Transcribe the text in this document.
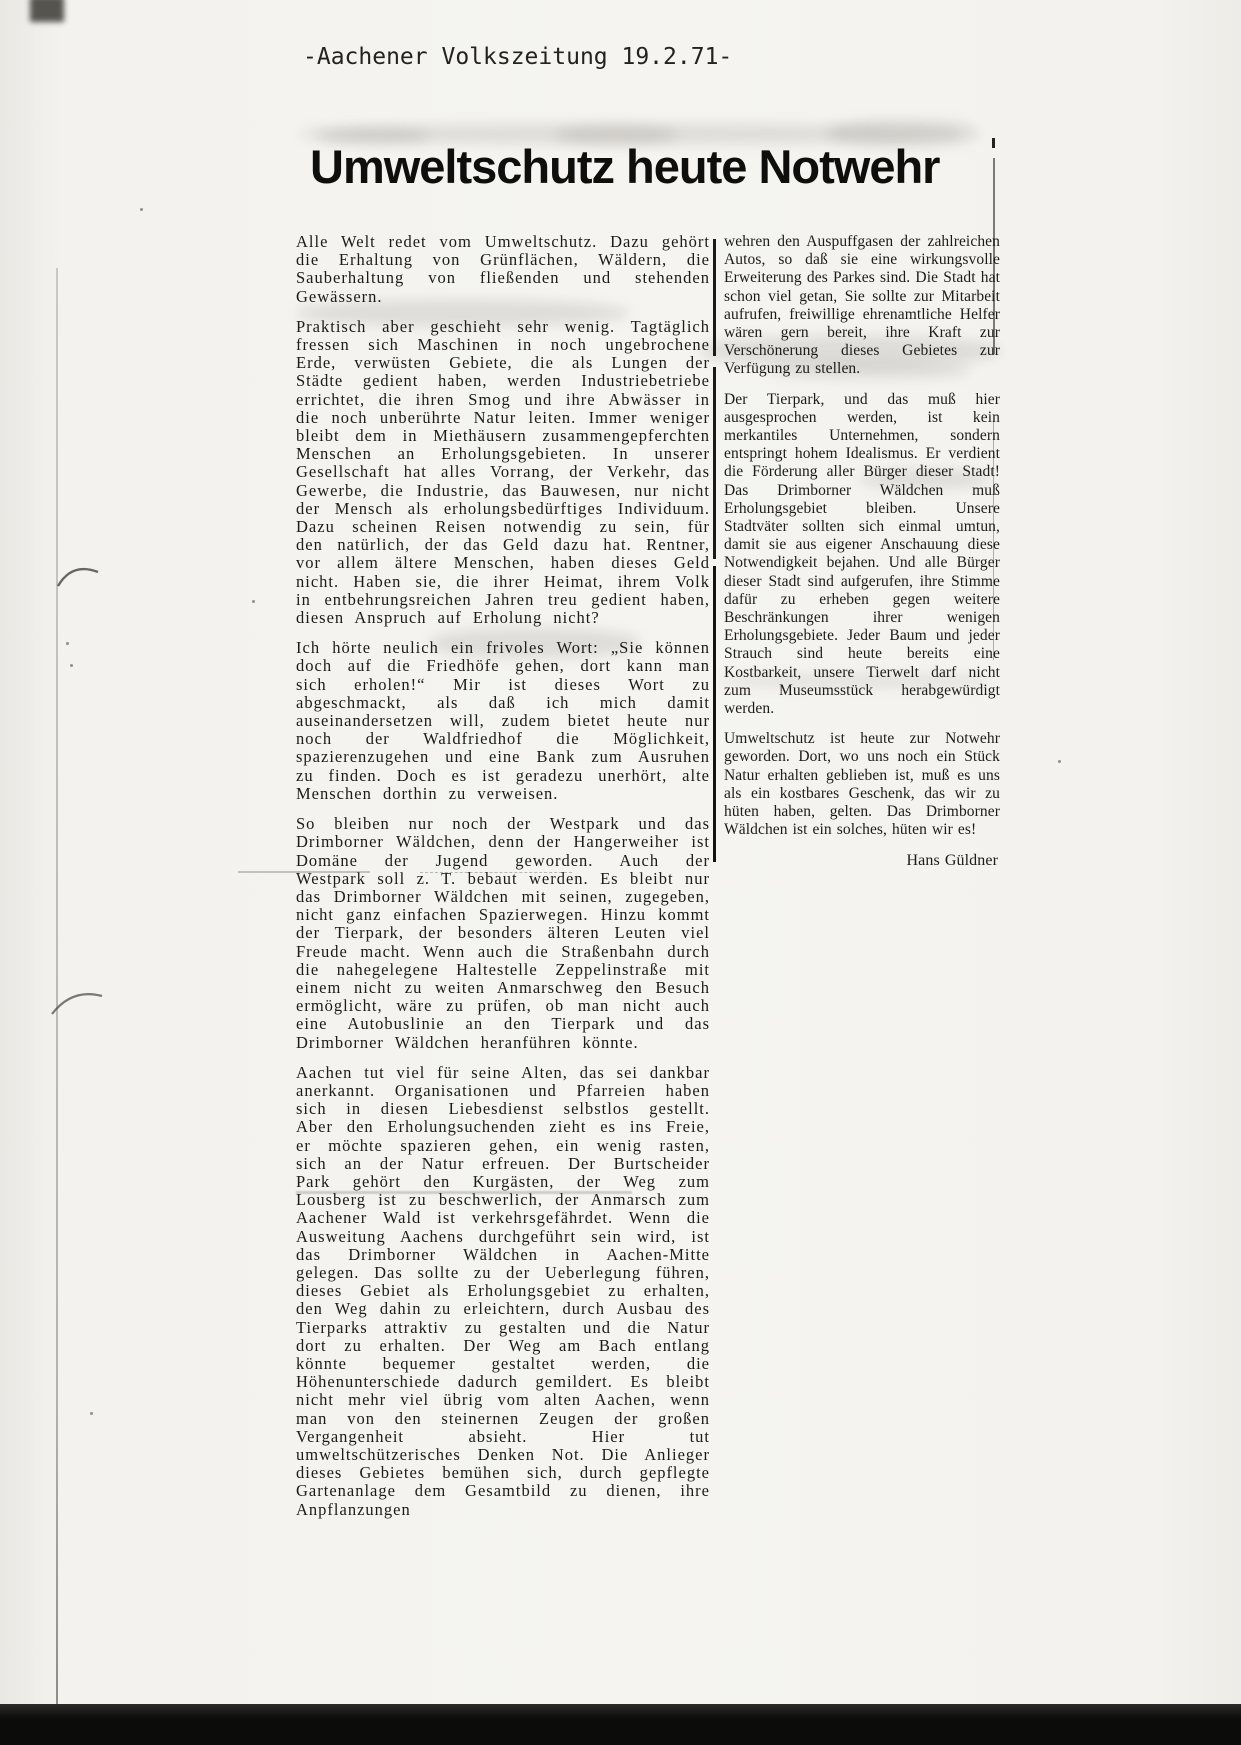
-Aachener Volkszeitung 19.2.71-
Umweltschutz heute Notwehr

Alle Welt redet vom Umweltschutz. Dazu gehört die Erhaltung von Grünflächen, Wäldern, die Sauberhaltung von fließenden und stehenden Gewässern.

Praktisch aber geschieht sehr wenig. Tagtäglich fressen sich Maschinen in noch ungebrochene Erde, verwüsten Gebiete, die als Lungen der Städte gedient haben, werden Industriebetriebe errichtet, die ihren Smog und ihre Abwässer in die noch unberührte Natur leiten. Immer weniger bleibt dem in Miethäusern zusammengepferchten Menschen an Erholungsgebieten. In unserer Gesellschaft hat alles Vorrang, der Verkehr, das Gewerbe, die Industrie, das Bauwesen, nur nicht der Mensch als erholungsbedürftiges Individuum. Dazu scheinen Reisen notwendig zu sein, für den natürlich, der das Geld dazu hat. Rentner, vor allem ältere Menschen, haben dieses Geld nicht. Haben sie, die ihrer Heimat, ihrem Volk in entbehrungsreichen Jahren treu gedient haben, diesen Anspruch auf Erholung nicht?

Ich hörte neulich ein frivoles Wort: „Sie können doch auf die Friedhöfe gehen, dort kann man sich erholen!“ Mir ist dieses Wort zu abgeschmackt, als daß ich mich damit auseinandersetzen will, zudem bietet heute nur noch der Waldfriedhof die Möglichkeit, spazierenzugehen und eine Bank zum Ausruhen zu finden. Doch es ist geradezu unerhört, alte Menschen dorthin zu verweisen.

So bleiben nur noch der Westpark und das Drimborner Wäldchen, denn der Hangerweiher ist Domäne der Jugend geworden. Auch der Westpark soll z. T. bebaut werden. Es bleibt nur das Drimborner Wäldchen mit seinen, zugegeben, nicht ganz einfachen Spazierwegen. Hinzu kommt der Tierpark, der besonders älteren Leuten viel Freude macht. Wenn auch die Straßenbahn durch die nahegelegene Haltestelle Zeppelinstraße mit einem nicht zu weiten Anmarschweg den Besuch ermöglicht, wäre zu prüfen, ob man nicht auch eine Autobuslinie an den Tierpark und das Drimborner Wäldchen heranführen könnte.

Aachen tut viel für seine Alten, das sei dankbar anerkannt. Organisationen und Pfarreien haben sich in diesen Liebesdienst selbstlos gestellt. Aber den Erholungsuchenden zieht es ins Freie, er möchte spazieren gehen, ein wenig rasten, sich an der Natur erfreuen. Der Burtscheider Park gehört den Kurgästen, der Weg zum Lousberg ist zu beschwerlich, der Anmarsch zum Aachener Wald ist verkehrsgefährdet. Wenn die Ausweitung Aachens durchgeführt sein wird, ist das Drimborner Wäldchen in Aachen-Mitte gelegen. Das sollte zu der Ueberlegung führen, dieses Gebiet als Erholungsgebiet zu erhalten, den Weg dahin zu erleichtern, durch Ausbau des Tierparks attraktiv zu gestalten und die Natur dort zu erhalten. Der Weg am Bach entlang könnte bequemer gestaltet werden, die Höhenunterschiede dadurch gemildert. Es bleibt nicht mehr viel übrig vom alten Aachen, wenn man von den steinernen Zeugen der großen Vergangenheit absieht. Hier tut umweltschützerisches Denken Not. Die Anlieger dieses Gebietes bemühen sich, durch gepflegte Gartenanlage dem Gesamtbild zu dienen, ihre Anpflanzungen

wehren den Auspuffgasen der zahlreichen Autos, so daß sie eine wirkungsvolle Erweiterung des Parkes sind. Die Stadt hat schon viel getan, Sie sollte zur Mitarbeit aufrufen, freiwillige ehrenamtliche Helfer wären gern bereit, ihre Kraft zur Verschönerung dieses Gebietes zur Verfügung zu stellen.

Der Tierpark, und das muß hier ausgesprochen werden, ist kein merkantiles Unternehmen, sondern entspringt hohem Idealismus. Er verdient die Förderung aller Bürger dieser Stadt! Das Drimborner Wäldchen muß Erholungsgebiet bleiben. Unsere Stadtväter sollten sich einmal umtun, damit sie aus eigener Anschauung diese Notwendigkeit bejahen. Und alle Bürger dieser Stadt sind aufgerufen, ihre Stimme dafür zu erheben gegen weitere Beschränkungen ihrer wenigen Erholungsgebiete. Jeder Baum und jeder Strauch sind heute bereits eine Kostbarkeit, unsere Tierwelt darf nicht zum Museumsstück herabgewürdigt werden.

Umweltschutz ist heute zur Notwehr geworden. Dort, wo uns noch ein Stück Natur erhalten geblieben ist, muß es uns als ein kostbares Geschenk, das wir zu hüten haben, gelten. Das Drimborner Wäldchen ist ein solches, hüten wir es!

Hans Güldner
